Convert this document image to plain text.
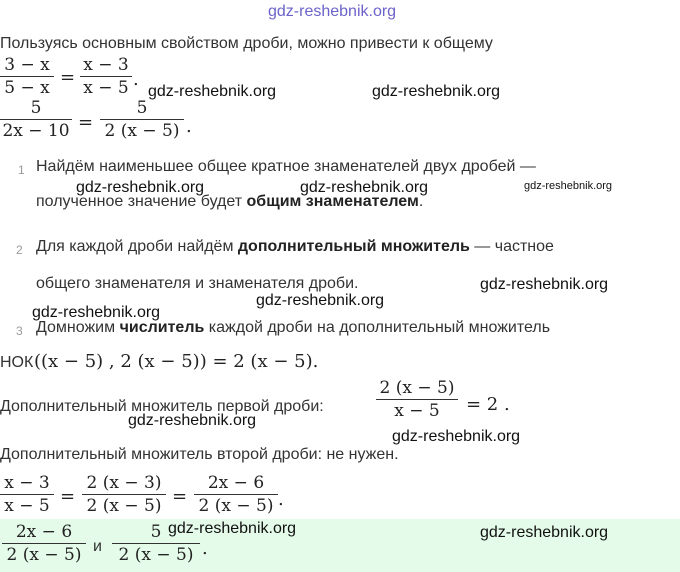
gdz-reshebnik.org
Пользуясь основным свойством дроби, можно привести к общему
3 − x
5 − x =
x − 3
x − 5 .
5
2x − 10 =
5
2 (x − 5) .
1 Найдём наименьшее общее кратное знаменателей двух дробей —
полученное значение будет общим знаменателем.
2 Для каждой дроби найдём дополнительный множитель — частное
общего знаменателя и знаменателя дроби.
3 Домножим числитель каждой дроби на дополнительный множитель
НОК ((x − 5) , 2 (x − 5)) = 2 (x − 5).
Дополнительный множитель первой дроби:
2 (x − 5)
x − 5	= 2 .
Дополнительный множитель второй дроби: не нужен.
x − 3
x − 5 =
2 (x − 3)
2 (x − 5) =
2x − 6
2 (x − 5) .
2x − 6
2 (x − 5) и
5
2 (x − 5) .
gdz-reshebnik.org	gdz-reshebnik.org
gdz-reshebnik.org	gdz-reshebnik.org	gdz-reshebnik.org
gdz-reshebnik.org
gdz-reshebnik.org
gdz-reshebnik.org
gdz-reshebnik.org
gdz-reshebnik.org
gdz-reshebnik.org	gdz-reshebnik.org
